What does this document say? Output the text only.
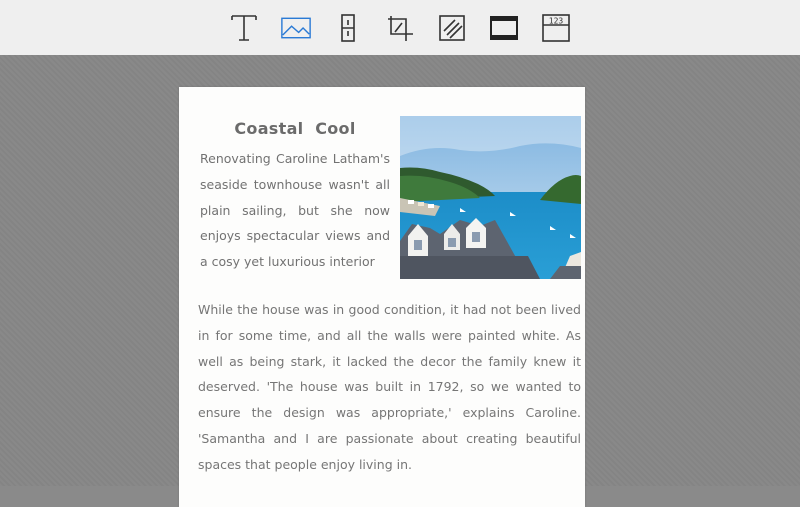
123
Coastal  Cool
Renovating Caroline Latham's seaside townhouse wasn't all plain sailing, but she now enjoys spectacular views and a cosy yet luxurious interior
While the house was in good condition, it had not been lived in for some time, and all the walls were painted white. As well as being stark, it lacked the decor the family knew it deserved. 'The house was built in 1792, so we wanted to ensure the design was appropriate,' explains Caroline. 'Samantha and I are passionate about creating beautiful spaces that people enjoy living in.
